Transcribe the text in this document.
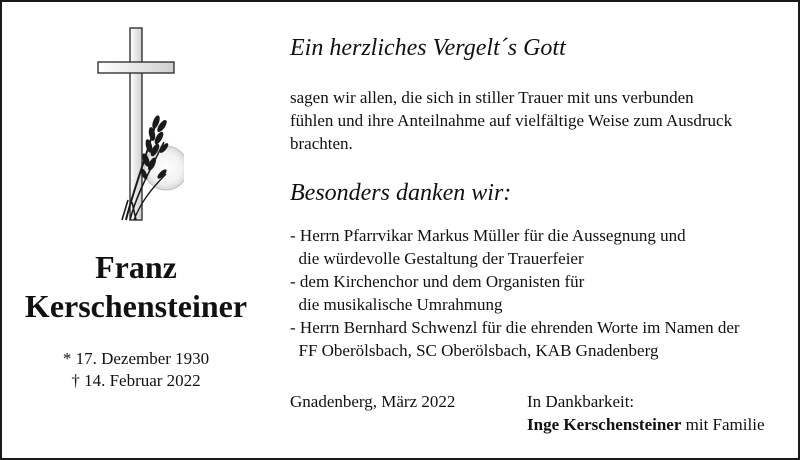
Franz
Kerschensteiner
* 17. Dezember 1930
† 14. Februar 2022
Ein herzliches Vergelt´s Gott
sagen wir allen, die sich in stiller Trauer mit uns verbunden
fühlen und ihre Anteilnahme auf vielfältige Weise zum Ausdruck
brachten.
Besonders danken wir:
- Herrn Pfarrvikar Markus Müller für die Aussegnung und
die würdevolle Gestaltung der Trauerfeier
- dem Kirchenchor und dem Organisten für
die musikalische Umrahmung
- Herrn Bernhard Schwenzl für die ehrenden Worte im Namen der
FF Oberölsbach, SC Oberölsbach, KAB Gnadenberg
Gnadenberg, März 2022	In Dankbarkeit:
Inge Kerschensteiner mit Familie
